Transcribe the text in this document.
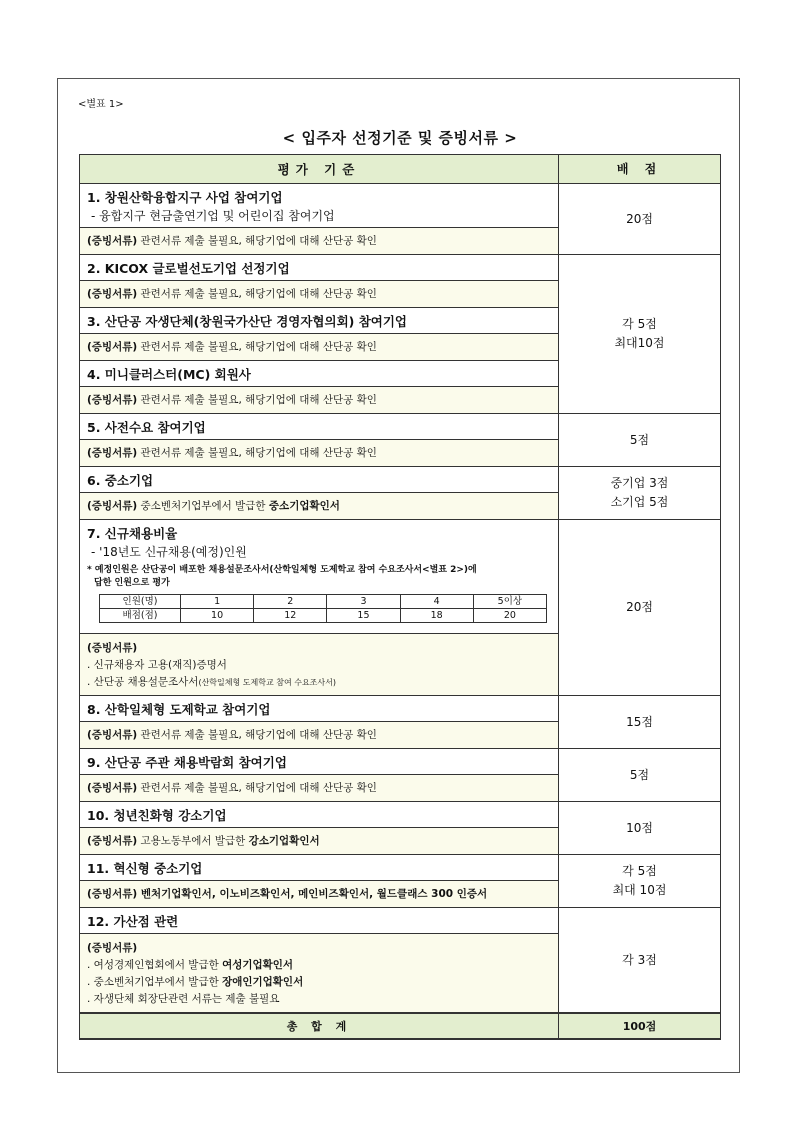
<별표 1>
< 입주자 선정기준 및 증빙서류 >
평가 기준	배 점

1. 창원산학융합지구 사업 참여기업
- 융합지구 현금출연기업 및 어린이집 참여기업	20점
(증빙서류) 관련서류 제출 불필요, 해당기업에 대해 산단공 확인
2. KICOX 글로벌선도기업 선정기업	
각 5점
최대10점

(증빙서류) 관련서류 제출 불필요, 해당기업에 대해 산단공 확인
3. 산단공 자생단체(창원국가산단 경영자협의회) 참여기업
(증빙서류) 관련서류 제출 불필요, 해당기업에 대해 산단공 확인
4. 미니클러스터(MC) 회원사
(증빙서류) 관련서류 제출 불필요, 해당기업에 대해 산단공 확인
5. 사전수요 참여기업	5점
(증빙서류) 관련서류 제출 불필요, 해당기업에 대해 산단공 확인
6. 중소기업	중기업 3점
소기업 5점

(증빙서류) 중소벤처기업부에서 발급한 중소기업확인서

7. 신규채용비율
- '18년도 신규채용(예정)인원
* 예정인원은 산단공이 배포한 채용설문조사서(산학일체형 도제학교 참여 수요조사서<별표 2>)에
답한 인원으로 평가
인원(명)	1	2	3	4	5이상
배점(점)	10	12	15	18	20
	20점

(증빙서류)
. 신규채용자 고용(재직)증명서
. 산단공 채용설문조사서(산학일체형 도제학교 참여 수요조사서)

8. 산학일체형 도제학교 참여기업	15점
(증빙서류) 관련서류 제출 불필요, 해당기업에 대해 산단공 확인
9. 산단공 주관 채용박람회 참여기업	5점
(증빙서류) 관련서류 제출 불필요, 해당기업에 대해 산단공 확인
10. 청년친화형 강소기업	10점
(증빙서류) 고용노동부에서 발급한 강소기업확인서
11. 혁신형 중소기업	각 5점
최대 10점

(증빙서류) 벤처기업확인서, 이노비즈확인서, 메인비즈확인서, 월드클래스 300 인증서
12. 가산점 관련	각 3점

(증빙서류)
. 여성경제인협회에서 발급한 여성기업확인서
. 중소벤처기업부에서 발급한 장애인기업확인서
. 자생단체 회장단관련 서류는 제출 불필요

총 합 계	100점
